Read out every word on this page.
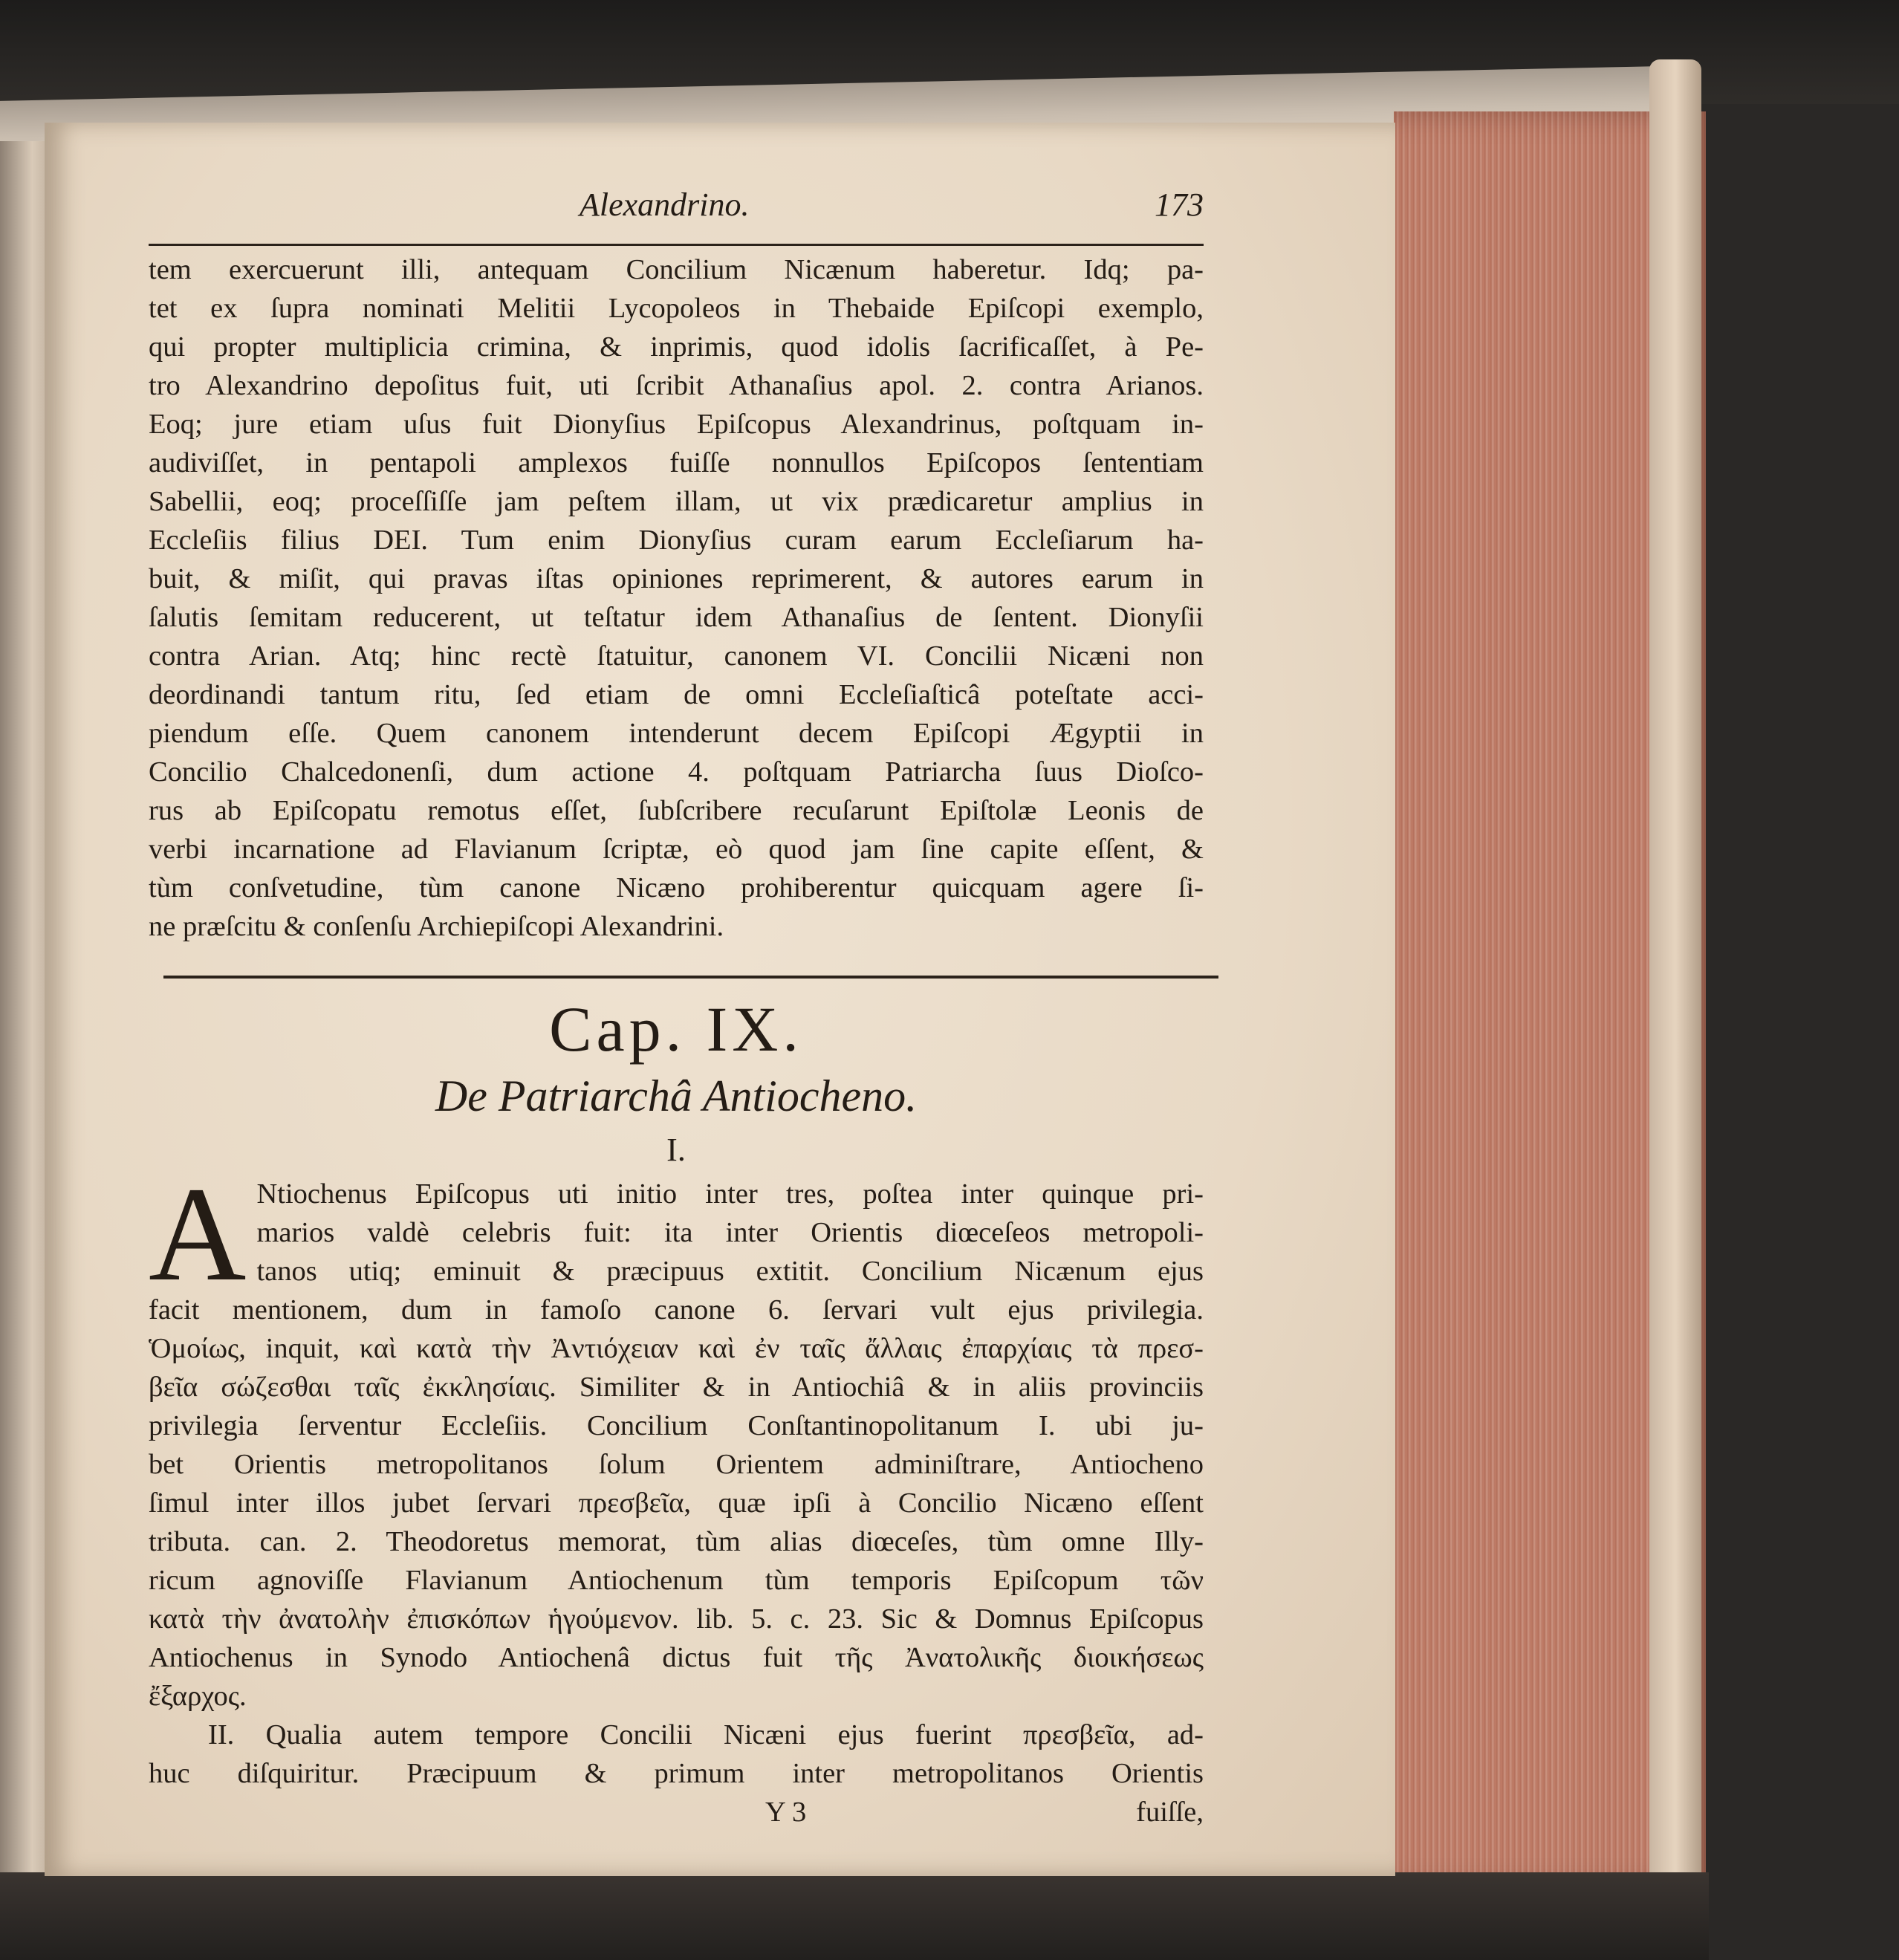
Alexandrino.	173
tem exercuerunt illi, antequam Concilium Nicænum haberetur. Idq; pa-
tet ex ſupra nominati Melitii Lycopoleos in Thebaide Epiſcopi exemplo,
qui propter multiplicia crimina, & inprimis, quod idolis ſacrificaſſet, à Pe-
tro Alexandrino depoſitus fuit, uti ſcribit Athanaſius apol. 2. contra Arianos.
Eoq; jure etiam uſus fuit Dionyſius Epiſcopus Alexandrinus, poſtquam in-
audiviſſet, in pentapoli amplexos fuiſſe nonnullos Epiſcopos ſententiam
Sabellii, eoq; proceſſiſſe jam peſtem illam, ut vix prædicaretur amplius in
Eccleſiis filius DEI. Tum enim Dionyſius curam earum Eccleſiarum ha-
buit, & miſit, qui pravas iſtas opiniones reprimerent, & autores earum in
ſalutis ſemitam reducerent, ut teſtatur idem Athanaſius de ſentent. Dionyſii
contra Arian. Atq; hinc rectè ſtatuitur, canonem VI. Concilii Nicæni non
deordinandi tantum ritu, ſed etiam de omni Eccleſiaſticâ poteſtate acci-
piendum eſſe. Quem canonem intenderunt decem Epiſcopi Ægyptii in
Concilio Chalcedonenſi, dum actione 4. poſtquam Patriarcha ſuus Dioſco-
rus ab Epiſcopatu remotus eſſet, ſubſcribere recuſarunt Epiſtolæ Leonis de
verbi incarnatione ad Flavianum ſcriptæ, eò quod jam ſine capite eſſent, &
tùm conſvetudine, tùm canone Nicæno prohiberentur quicquam agere ſi-
ne præſcitu & conſenſu Archiepiſcopi Alexandrini.
Cap. IX.
De Patriarchâ Antiocheno.
I.
A Ntiochenus Epiſcopus uti initio inter tres, poſtea inter quinque pri-
marios valdè celebris fuit: ita inter Orientis diœceſeos metropoli-
tanos utiq; eminuit & præcipuus extitit. Concilium Nicænum ejus
facit mentionem, dum in famoſo canone 6. ſervari vult ejus privilegia.
Ὁμοίως, inquit, καὶ κατὰ τὴν Ἀντιόχειαν καὶ ἐν ταῖς ἄλλαις ἐπαρχίαις τὰ πρεσ-
βεῖα σώζεσθαι ταῖς ἐκκλησίαις. Similiter & in Antiochiâ & in aliis provinciis
privilegia ſerventur Eccleſiis. Concilium Conſtantinopolitanum I. ubi ju-
bet Orientis metropolitanos ſolum Orientem adminiſtrare, Antiocheno
ſimul inter illos jubet ſervari πρεσβεῖα, quæ ipſi à Concilio Nicæno eſſent
tributa. can. 2. Theodoretus memorat, tùm alias diœceſes, tùm omne Illy-
ricum agnoviſſe Flavianum Antiochenum tùm temporis Epiſcopum τῶν
κατὰ τὴν ἀνατολὴν ἐπισκόπων ἡγούμενον. lib. 5. c. 23. Sic & Domnus Epiſcopus
Antiochenus in Synodo Antiochenâ dictus fuit τῆς Ἀνατολικῆς διοικήσεως
ἔξαρχος.
II. Qualia autem tempore Concilii Nicæni ejus fuerint πρεσβεῖα, ad-
huc diſquiritur. Præcipuum & primum inter metropolitanos Orientis
Y 3	fuiſſe,
